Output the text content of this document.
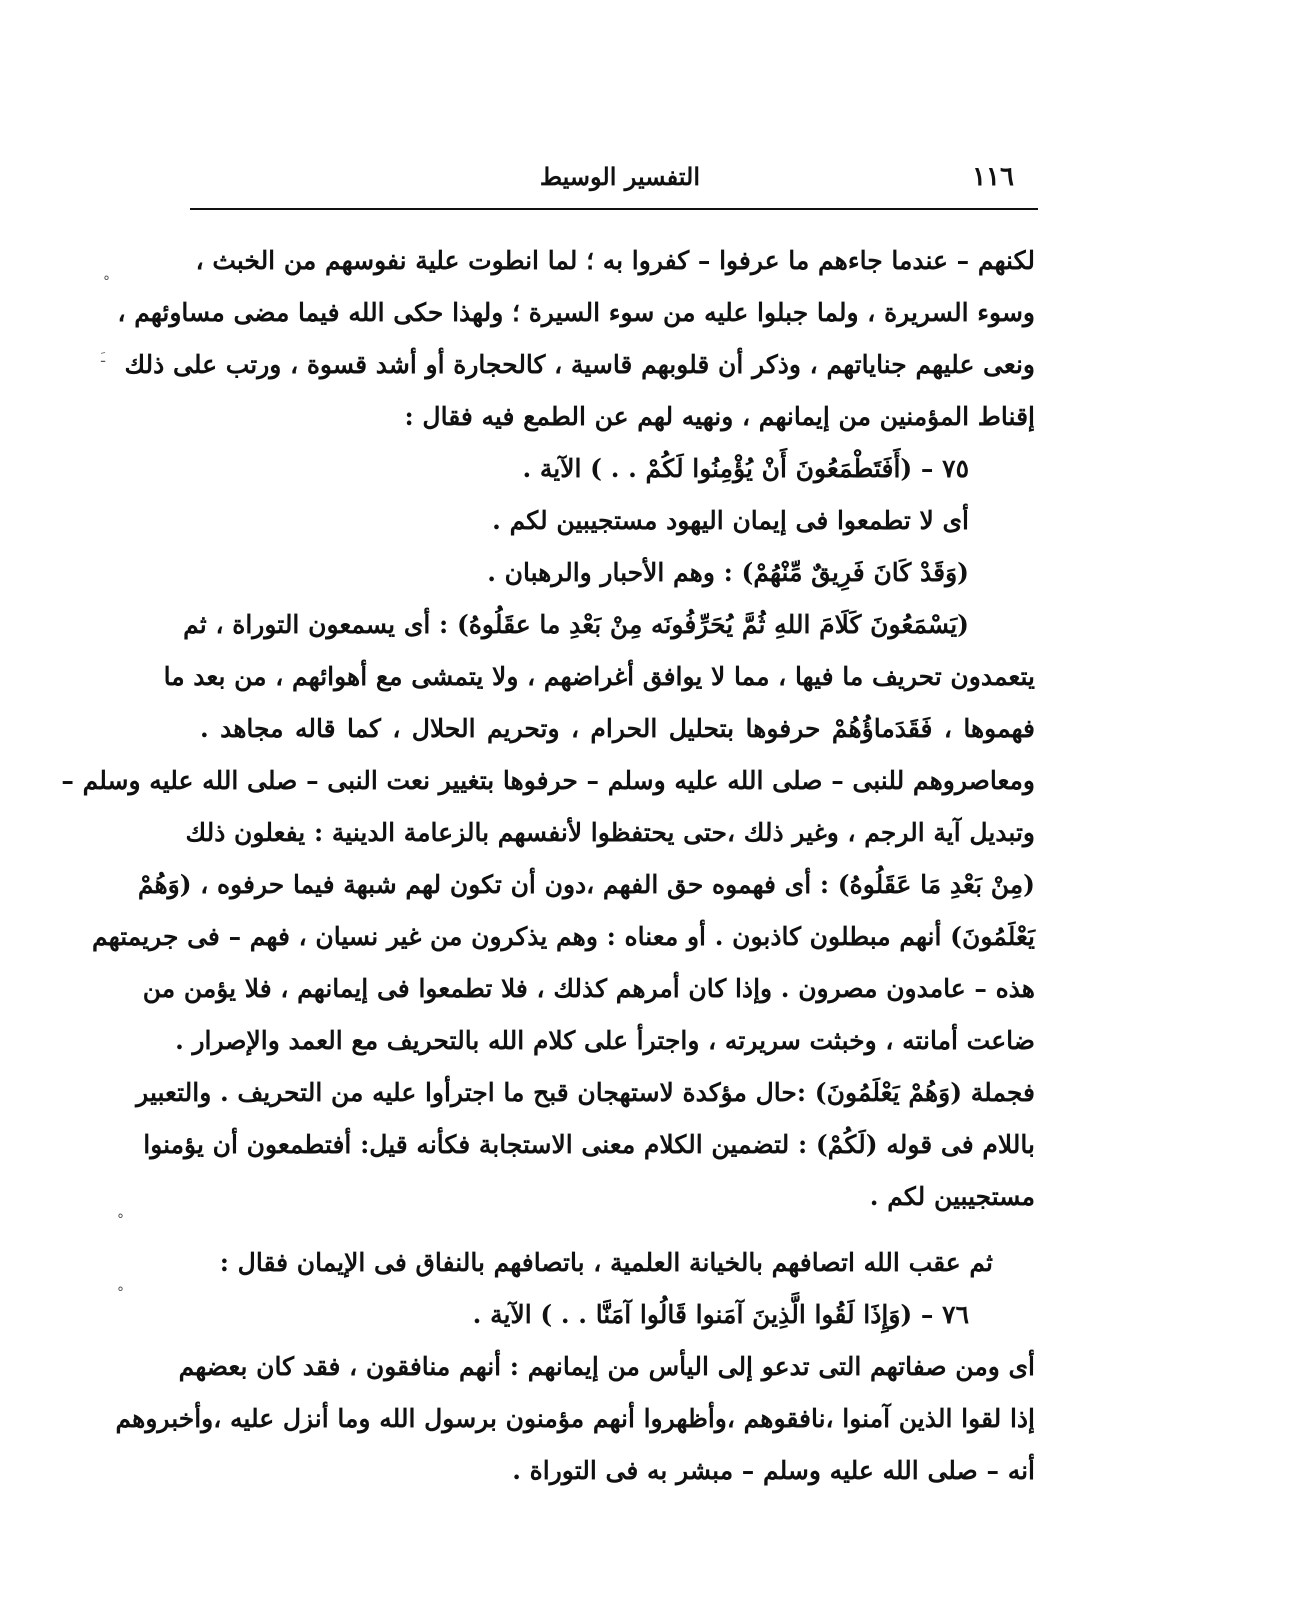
١١٦
التفسير الوسيط
لكنهم – عندما جاءهم ما عرفوا – كفروا به ؛ لما انطوت علية نفوسهم من الخبث ،
وسوء السريرة ، ولما جبلوا عليه من سوء السيرة ؛ ولهذا حكى الله فيما مضى مساوئهم ،
ونعى عليهم جناياتهم ، وذكر أن قلوبهم قاسية ، كالحجارة أو أشد قسوة ، ورتب على ذلك
إقناط المؤمنين من إيمانهم ، ونهيه لهم عن الطمع فيه فقال :
٧٥ – (أَفَتَطْمَعُونَ أَنْ يُؤْمِنُوا لَكُمْ . . ) الآية .
أى لا تطمعوا فى إيمان اليهود مستجيبين لكم .
(وَقَدْ كَانَ فَرِيقٌ مِّنْهُمْ) : وهم الأحبار والرهبان .
(يَسْمَعُونَ كَلَامَ اللهِ ثُمَّ يُحَرِّفُونَه مِنْ بَعْدِ ما عقَلُوهُ) : أى يسمعون التوراة ، ثم
يتعمدون تحريف ما فيها ، مما لا يوافق أغراضهم ، ولا يتمشى مع أهوائهم ، من بعد ما
فهموها ، فَقَدَماؤُهُمْ حرفوها بتحليل الحرام ، وتحريم الحلال ، كما قاله مجاهد .
ومعاصروهم للنبى – صلى الله عليه وسلم – حرفوها بتغيير نعت النبى – صلى الله عليه وسلم –
وتبديل آية الرجم ، وغير ذلك ،حتى يحتفظوا لأنفسهم بالزعامة الدينية : يفعلون ذلك
(مِنْ بَعْدِ مَا عَقَلُوهُ) : أى فهموه حق الفهم ،دون أن تكون لهم شبهة فيما حرفوه ، (وَهُمْ
يَعْلَمُونَ) أنهم مبطلون كاذبون . أو معناه : وهم يذكرون من غير نسيان ، فهم – فى جريمتهم
هذه – عامدون مصرون . وإذا كان أمرهم كذلك ، فلا تطمعوا فى إيمانهم ، فلا يؤمن من
ضاعت أمانته ، وخبثت سريرته ، واجترأ على كلام الله بالتحريف مع العمد والإصرار .
فجملة (وَهُمْ يَعْلَمُونَ) :حال مؤكدة لاستهجان قبح ما اجترأوا عليه من التحريف . والتعبير
باللام فى قوله (لَكُمْ) : لتضمين الكلام معنى الاستجابة فكأنه قيل: أفتطمعون أن يؤمنوا
مستجيبين لكم .
ثم عقب الله اتصافهم بالخيانة العلمية ، باتصافهم بالنفاق فى الإيمان فقال :
٧٦ – (وَإِذَا لَقُوا الَّذِينَ آمَنوا قَالُوا آمَنَّا . . ) الآية .
أى ومن صفاتهم التى تدعو إلى اليأس من إيمانهم : أنهم منافقون ، فقد كان بعضهم
إذا لقوا الذين آمنوا ،نافقوهم ،وأظهروا أنهم مؤمنون برسول الله وما أنزل عليه ،وأخبروهم
أنه – صلى الله عليه وسلم – مبشر به فى التوراة .
°
ﹷ
°
°
